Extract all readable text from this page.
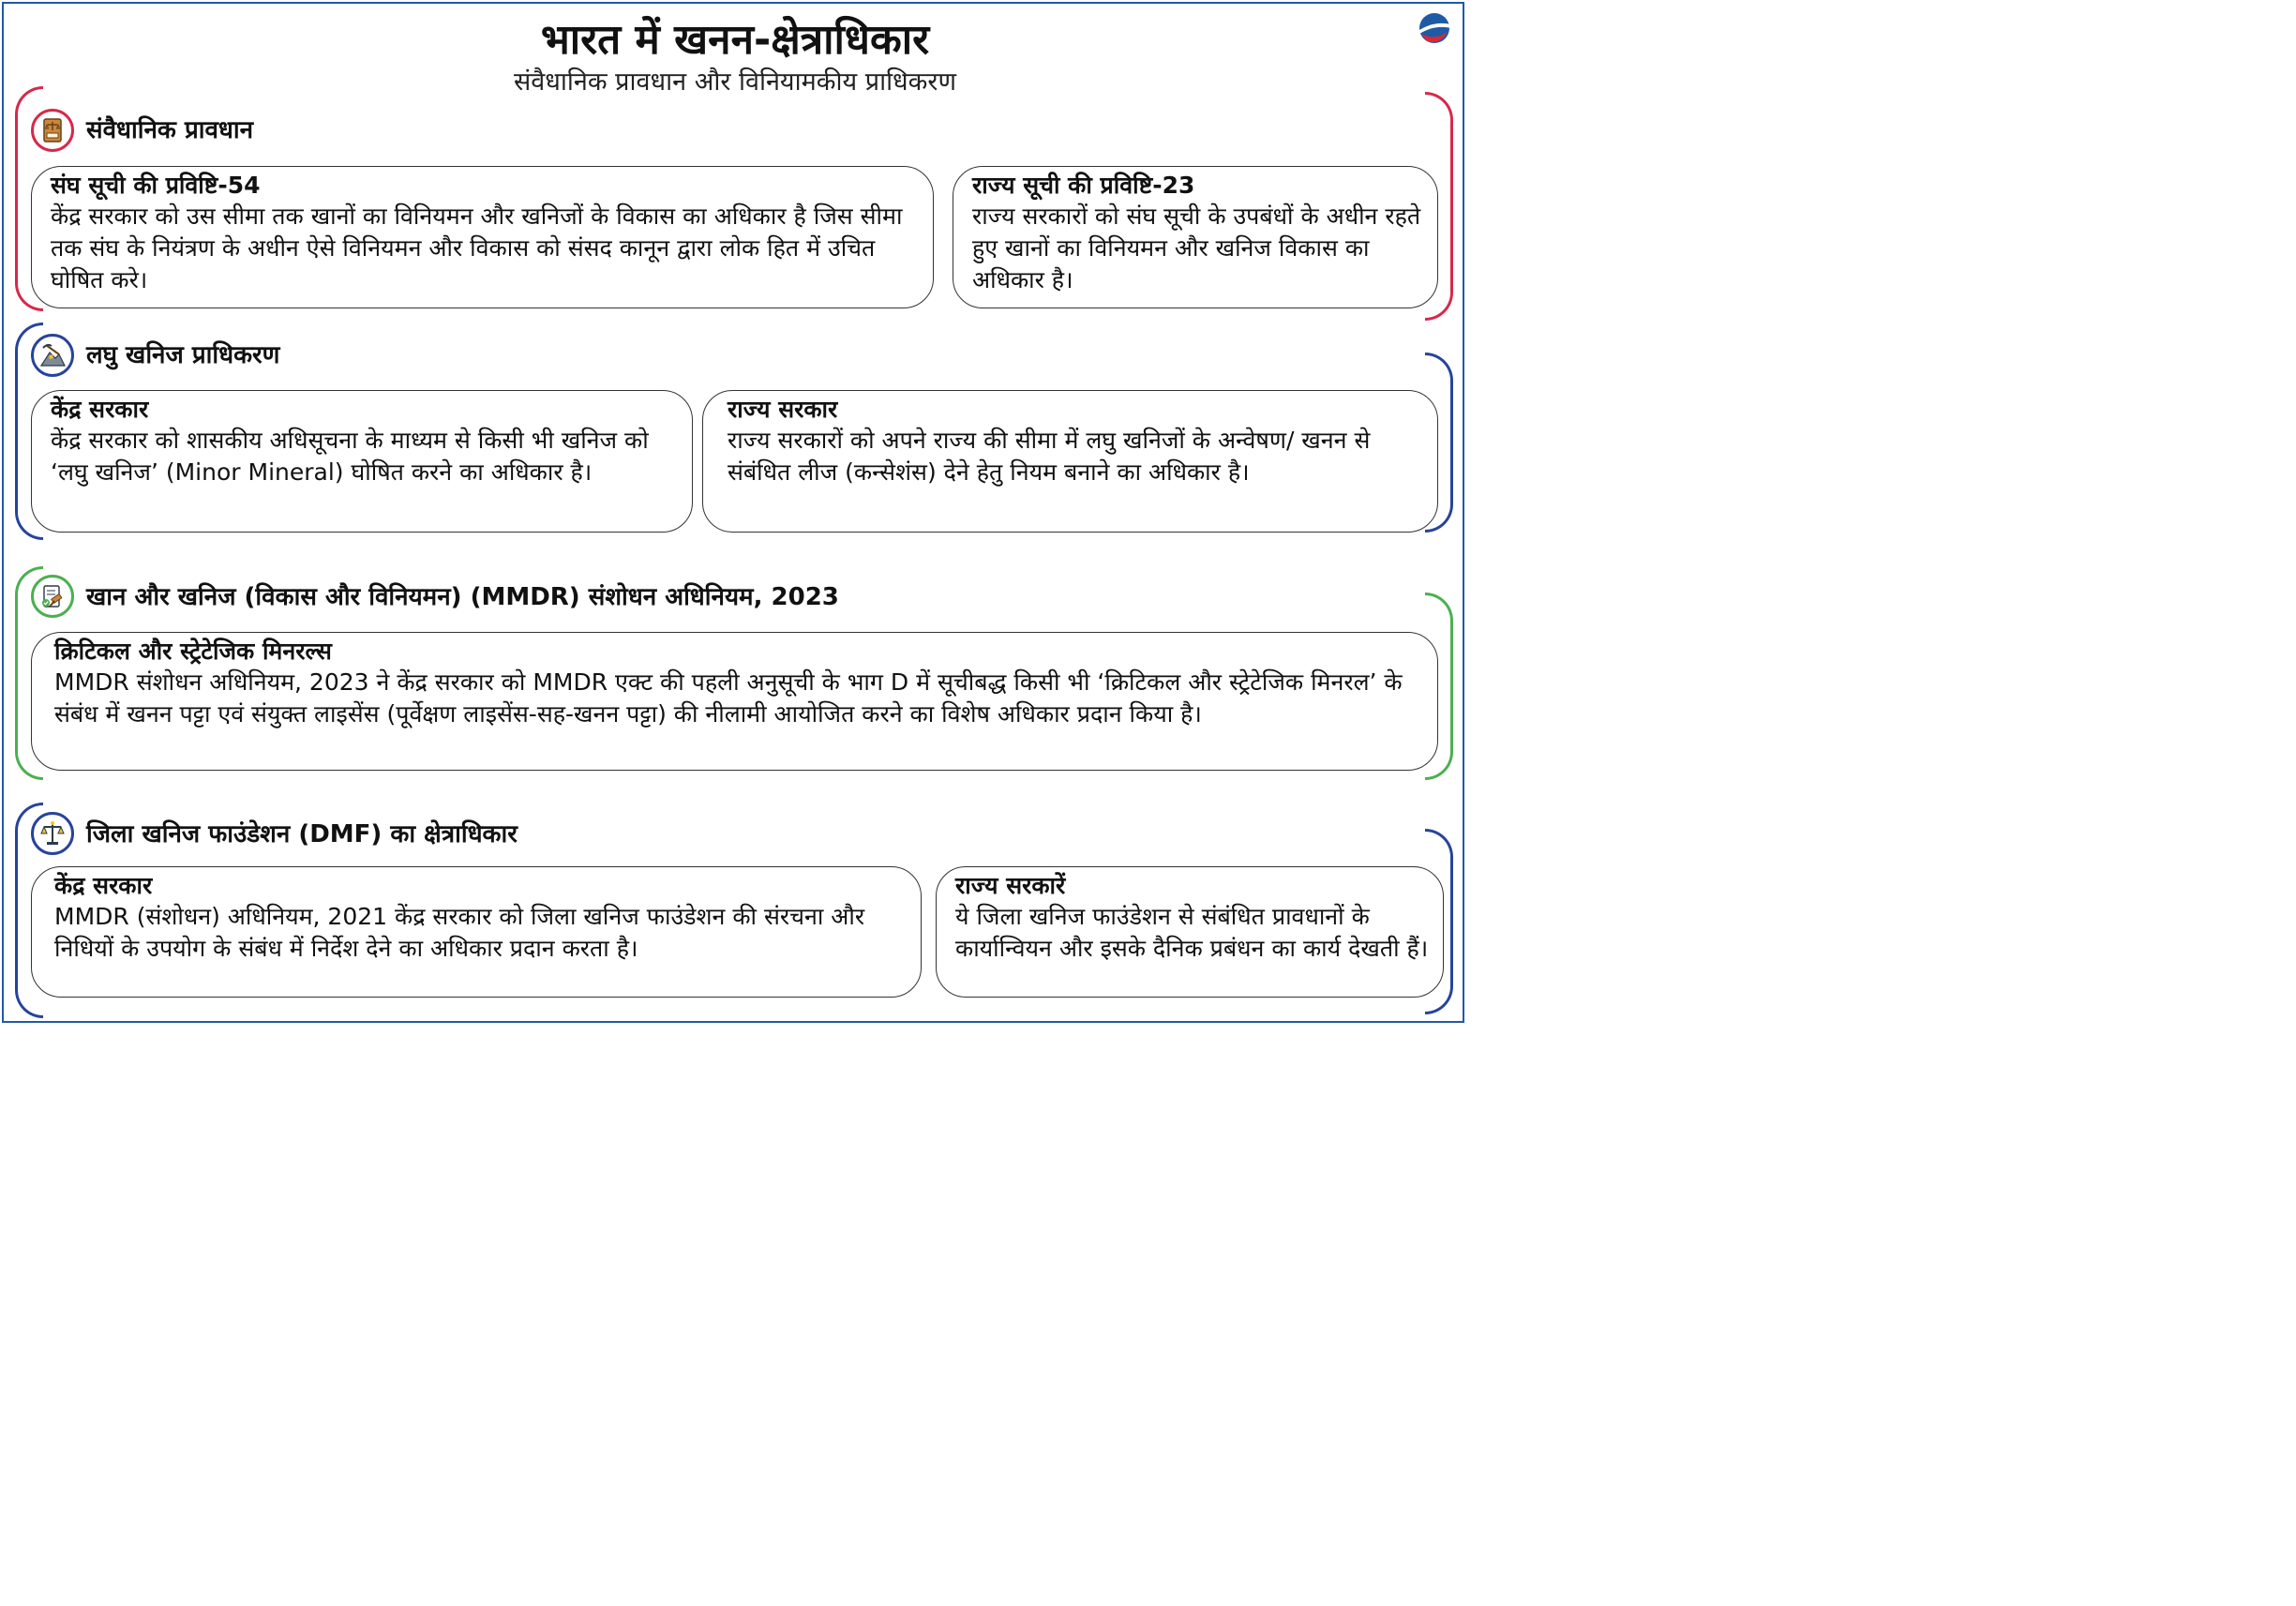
भारत में खनन-क्षेत्राधिकार
संवैधानिक प्रावधान और विनियामकीय प्राधिकरण
संवैधानिक प्रावधान
संघ सूची की प्रविष्टि-54
केंद्र सरकार को उस सीमा तक खानों का विनियमन और खनिजों के विकास का अधिकार है जिस सीमा तक संघ के नियंत्रण के अधीन ऐसे विनियमन और विकास को संसद कानून द्वारा लोक हित में उचित घोषित करे।
राज्य सूची की प्रविष्टि-23
राज्य सरकारों को संघ सूची के उपबंधों के अधीन रहते हुए खानों का विनियमन और खनिज विकास का अधिकार है।
लघु खनिज प्राधिकरण
केंद्र सरकार
केंद्र सरकार को शासकीय अधिसूचना के माध्यम से किसी भी खनिज को ‘लघु खनिज’ (Minor Mineral) घोषित करने का अधिकार है।
राज्य सरकार
राज्य सरकारों को अपने राज्य की सीमा में लघु खनिजों के अन्वेषण/ खनन से संबंधित लीज (कन्सेशंस) देने हेतु नियम बनाने का अधिकार है।
खान और खनिज (विकास और विनियमन) (MMDR) संशोधन अधिनियम, 2023
क्रिटिकल और स्ट्रेटेजिक मिनरल्स
MMDR संशोधन अधिनियम, 2023 ने केंद्र सरकार को MMDR एक्ट की पहली अनुसूची के भाग D में सूचीबद्ध किसी भी ‘क्रिटिकल और स्ट्रेटेजिक मिनरल’ के संबंध में खनन पट्टा एवं संयुक्त लाइसेंस (पूर्वेक्षण लाइसेंस-सह-खनन पट्टा) की नीलामी आयोजित करने का विशेष अधिकार प्रदान किया है।
जिला खनिज फाउंडेशन (DMF) का क्षेत्राधिकार
केंद्र सरकार
MMDR (संशोधन) अधिनियम, 2021 केंद्र सरकार को जिला खनिज फाउंडेशन की संरचना और निधियों के उपयोग के संबंध में निर्देश देने का अधिकार प्रदान करता है।
राज्य सरकारें
ये जिला खनिज फाउंडेशन से संबंधित प्रावधानों के कार्यान्वियन और इसके दैनिक प्रबंधन का कार्य देखती हैं।
